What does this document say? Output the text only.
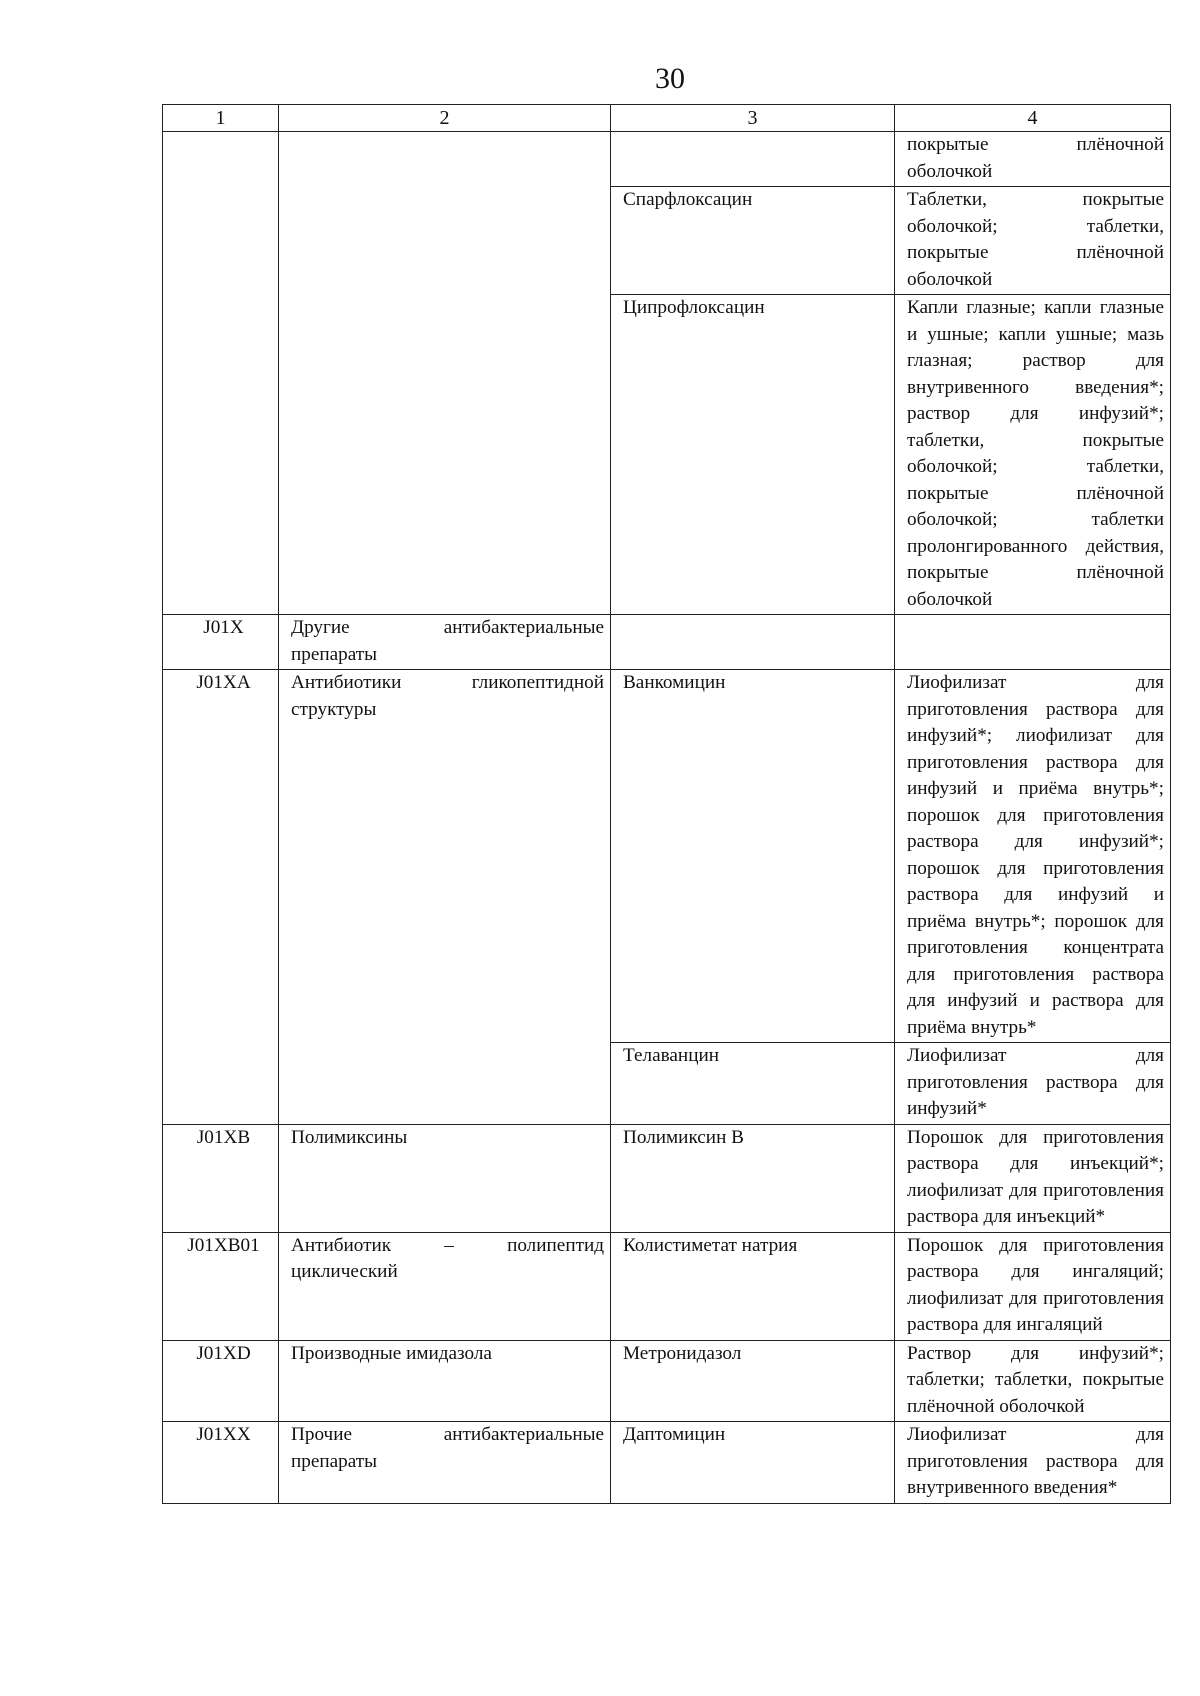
30
1	2	3	4
			покрытые плёночной оболочкой
		Спарфлоксацин	Таблетки, покрытые оболочкой; таблетки, покрытые плёночной оболочкой
		Ципрофлоксацин	Капли глазные; капли глазные и ушные; капли ушные; мазь глазная; раствор для внутривенного введения*; раствор для инфузий*; таблетки, покрытые оболочкой; таблетки, покрытые плёночной оболочкой; таблетки пролонгированного действия, покрытые плёночной оболочкой
J01X	Другие антибактериальные препараты		
J01XA	Антибиотики гликопептидной структуры	Ванкомицин	Лиофилизат для приготовления раствора для инфузий*; лиофилизат для приготовления раствора для инфузий и приёма внутрь*; порошок для приготовления раствора для инфузий*; порошок для приготовления раствора для инфузий и приёма внутрь*; порошок для приготовления концентрата для приготовления раствора для инфузий и раствора для приёма внутрь*
		Телаванцин	Лиофилизат для приготовления раствора для инфузий*
J01XB	Полимиксины	Полимиксин В	Порошок для приготовления раствора для инъекций*; лиофилизат для приготовления раствора для инъекций*
J01XB01	Антибиотик – полипептид циклический	Колистиметат натрия	Порошок для приготовления раствора для ингаляций; лиофилизат для приготовления раствора для ингаляций
J01XD	Производные имидазола	Метронидазол	Раствор для инфузий*; таблетки; таблетки, покрытые плёночной оболочкой
J01XX	Прочие антибактериальные препараты	Даптомицин	Лиофилизат для приготовления раствора для внутривенного введения*
